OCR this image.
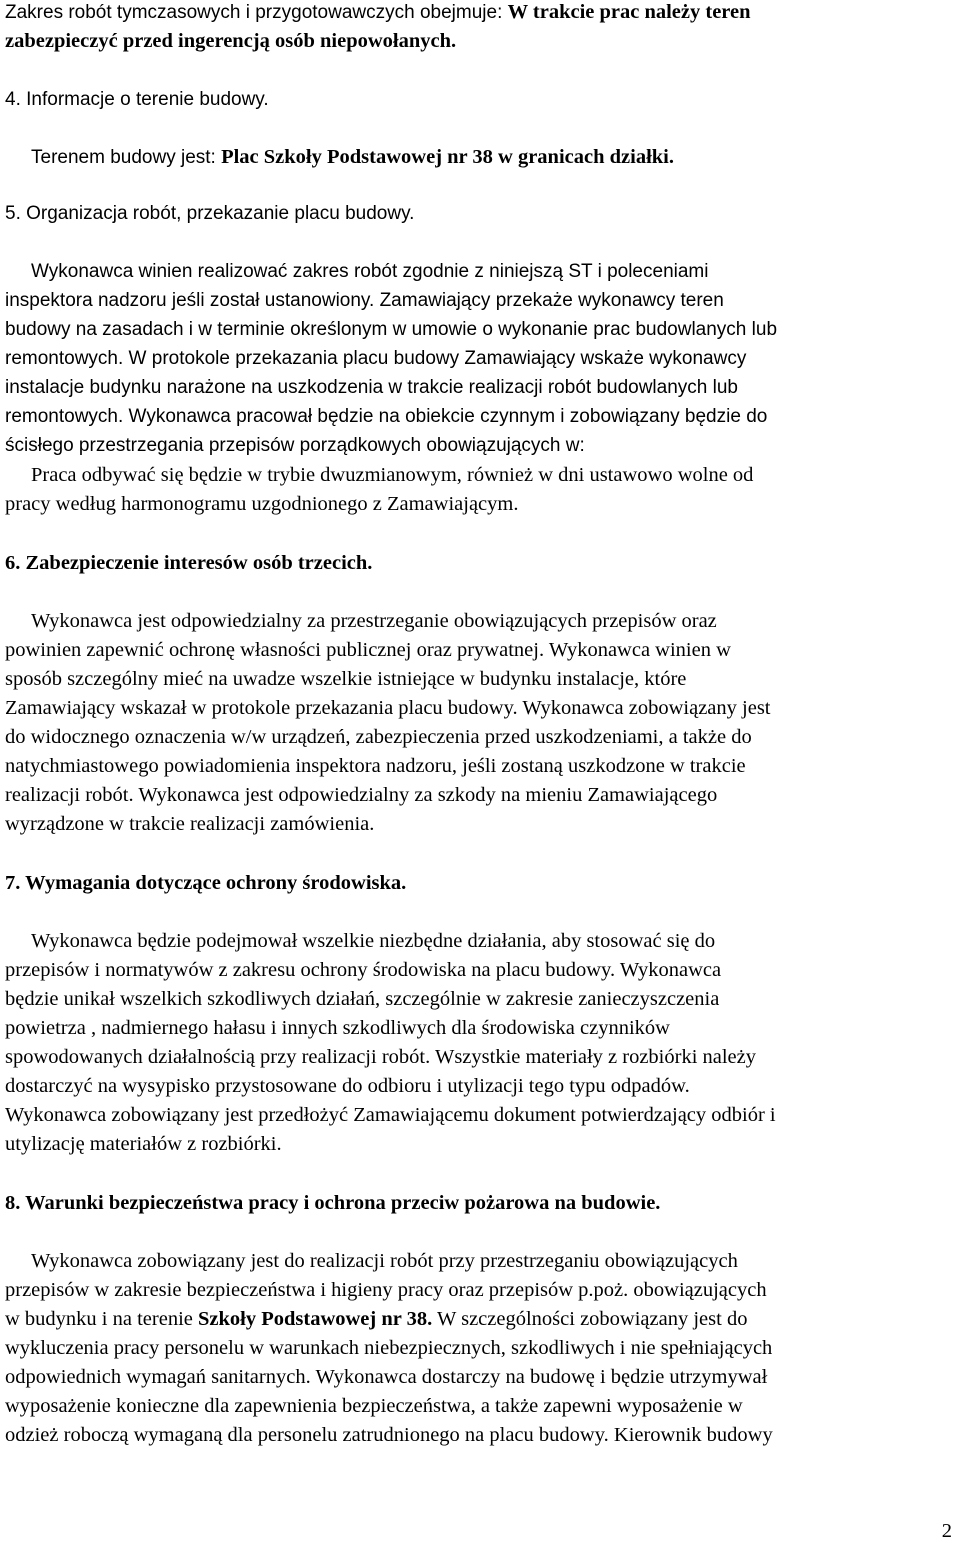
Zakres robót tymczasowych i przygotowawczych obejmuje: W trakcie prac należy teren
zabezpieczyć przed ingerencją osób niepowołanych.
4. Informacje o terenie budowy.
Terenem budowy jest: Plac Szkoły Podstawowej nr 38 w granicach działki.
5. Organizacja robót, przekazanie placu budowy.
Wykonawca winien realizować zakres robót zgodnie z niniejszą ST i poleceniami
inspektora nadzoru jeśli został ustanowiony. Zamawiający przekaże wykonawcy teren
budowy na zasadach i w terminie określonym w umowie o wykonanie prac budowlanych lub
remontowych. W protokole przekazania placu budowy Zamawiający wskaże wykonawcy
instalacje budynku narażone na uszkodzenia w trakcie realizacji robót budowlanych lub
remontowych. Wykonawca pracował będzie na obiekcie czynnym i zobowiązany będzie do
ścisłego przestrzegania przepisów porządkowych obowiązujących w:
Praca odbywać się będzie w trybie dwuzmianowym, również w dni ustawowo wolne od
pracy według harmonogramu uzgodnionego z Zamawiającym.
6. Zabezpieczenie interesów osób trzecich.
Wykonawca jest odpowiedzialny za przestrzeganie obowiązujących przepisów oraz
powinien zapewnić ochronę własności publicznej oraz prywatnej. Wykonawca winien w
sposób szczególny mieć na uwadze wszelkie istniejące w budynku instalacje, które
Zamawiający wskazał w protokole przekazania placu budowy. Wykonawca zobowiązany jest
do widocznego oznaczenia w/w urządzeń, zabezpieczenia przed uszkodzeniami, a także do
natychmiastowego powiadomienia inspektora nadzoru, jeśli zostaną uszkodzone w trakcie
realizacji robót. Wykonawca jest odpowiedzialny za szkody na mieniu Zamawiającego
wyrządzone w trakcie realizacji zamówienia.
7. Wymagania dotyczące ochrony środowiska.
Wykonawca będzie podejmował wszelkie niezbędne działania, aby stosować się do
przepisów i normatywów z zakresu ochrony środowiska na placu budowy. Wykonawca
będzie unikał wszelkich szkodliwych działań, szczególnie w zakresie zanieczyszczenia
powietrza , nadmiernego hałasu i innych szkodliwych dla środowiska czynników
spowodowanych działalnością przy realizacji robót. Wszystkie materiały z rozbiórki należy
dostarczyć na wysypisko przystosowane do odbioru i utylizacji tego typu odpadów.
Wykonawca zobowiązany jest przedłożyć Zamawiającemu dokument potwierdzający odbiór i
utylizację materiałów z rozbiórki.
8. Warunki bezpieczeństwa pracy i ochrona przeciw pożarowa na budowie.
Wykonawca zobowiązany jest do realizacji robót przy przestrzeganiu obowiązujących
przepisów w zakresie bezpieczeństwa i higieny pracy oraz przepisów p.poż. obowiązujących
w budynku i na terenie Szkoły Podstawowej nr 38. W szczególności zobowiązany jest do
wykluczenia pracy personelu w warunkach niebezpiecznych, szkodliwych i nie spełniających
odpowiednich wymagań sanitarnych. Wykonawca dostarczy na budowę i będzie utrzymywał
wyposażenie konieczne dla zapewnienia bezpieczeństwa, a także zapewni wyposażenie w
odzież roboczą wymaganą dla personelu zatrudnionego na placu budowy. Kierownik budowy
2
